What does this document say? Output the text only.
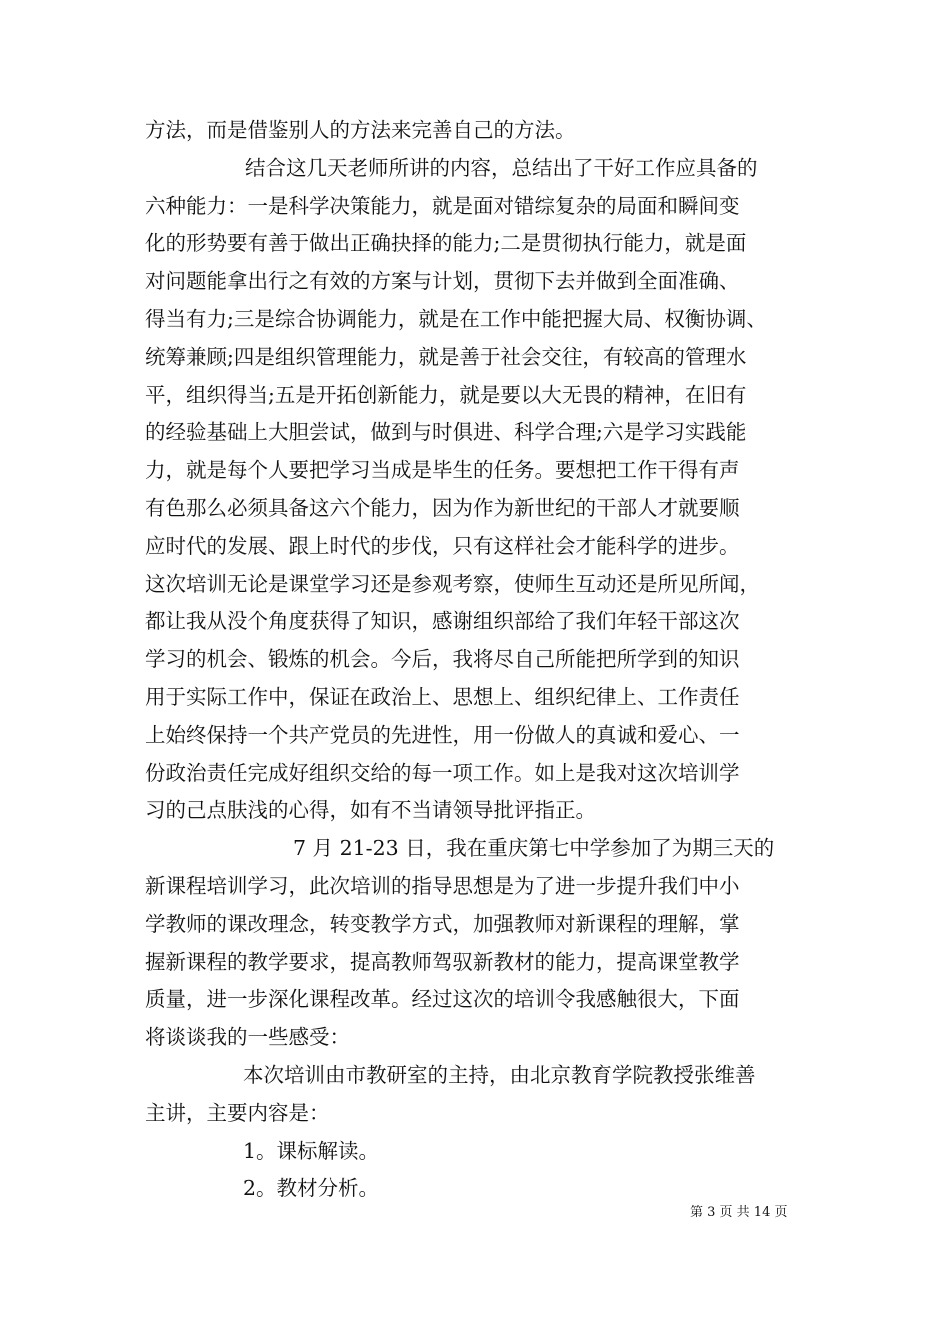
方法，而是借鉴别人的方法来完善自己的方法。
结合这几天老师所讲的内容，总结出了干好工作应具备的
六种能力：一是科学决策能力，就是面对错综复杂的局面和瞬间变
化的形势要有善于做出正确抉择的能力;二是贯彻执行能力，就是面
对问题能拿出行之有效的方案与计划，贯彻下去并做到全面准确、
得当有力;三是综合协调能力，就是在工作中能把握大局、权衡协调、
统筹兼顾;四是组织管理能力，就是善于社会交往，有较高的管理水
平，组织得当;五是开拓创新能力，就是要以大无畏的精神，在旧有
的经验基础上大胆尝试，做到与时俱进、科学合理;六是学习实践能
力，就是每个人要把学习当成是毕生的任务。要想把工作干得有声
有色那么必须具备这六个能力，因为作为新世纪的干部人才就要顺
应时代的发展、跟上时代的步伐，只有这样社会才能科学的进步。
这次培训无论是课堂学习还是参观考察，使师生互动还是所见所闻，
都让我从没个角度获得了知识，感谢组织部给了我们年轻干部这次
学习的机会、锻炼的机会。今后，我将尽自己所能把所学到的知识
用于实际工作中，保证在政治上、思想上、组织纪律上、工作责任
上始终保持一个共产党员的先进性，用一份做人的真诚和爱心、一
份政治责任完成好组织交给的每一项工作。如上是我对这次培训学
习的己点肤浅的心得，如有不当请领导批评指正。
7 月 21-23 日，我在重庆第七中学参加了为期三天的
新课程培训学习，此次培训的指导思想是为了进一步提升我们中小
学教师的课改理念，转变教学方式，加强教师对新课程的理解，掌
握新课程的教学要求，提高教师驾驭新教材的能力，提高课堂教学
质量，进一步深化课程改革。经过这次的培训令我感触很大，下面
将谈谈我的一些感受：
本次培训由市教研室的主持，由北京教育学院教授张维善
主讲，主要内容是：
1。课标解读。
2。教材分析。
第 3 页 共 14 页
